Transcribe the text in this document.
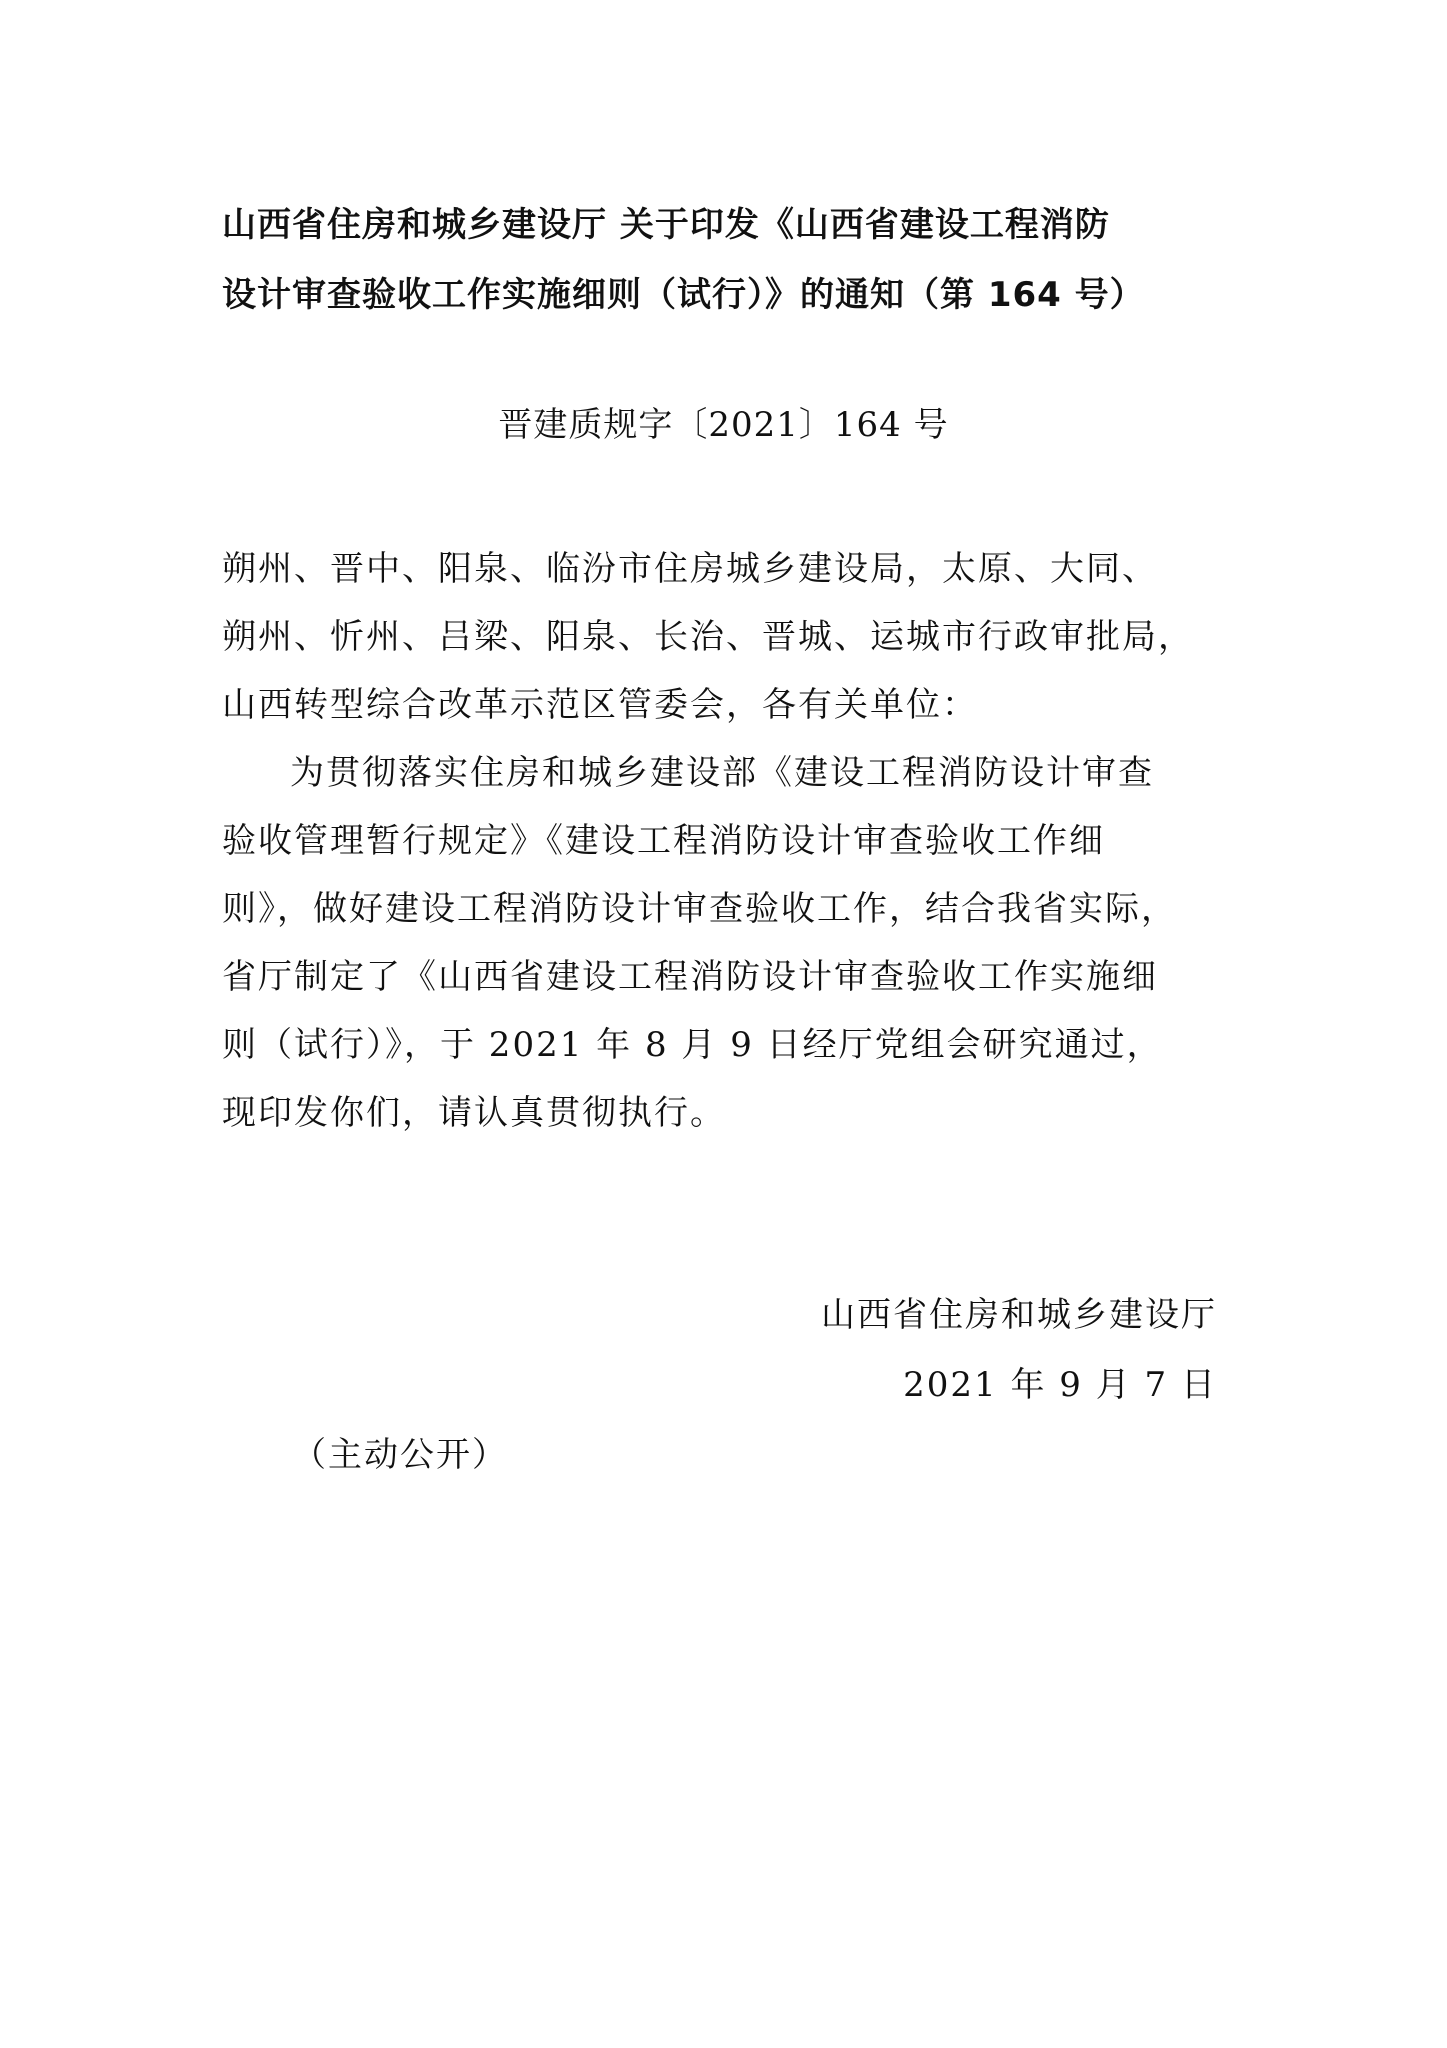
山西省住房和城乡建设厅 关于印发《山西省建设工程消防
设计审查验收工作实施细则（试行）》的通知（第 164 号）
晋建质规字〔2021〕164 号
朔州、晋中、阳泉、临汾市住房城乡建设局，太原、大同、
朔州、忻州、吕梁、阳泉、长治、晋城、运城市行政审批局，
山西转型综合改革示范区管委会，各有关单位：
为贯彻落实住房和城乡建设部《建设工程消防设计审查
验收管理暂行规定》《建设工程消防设计审查验收工作细
则》，做好建设工程消防设计审查验收工作，结合我省实际，
省厅制定了《山西省建设工程消防设计审查验收工作实施细
则（试行）》，于 2021 年 8 月 9 日经厅党组会研究通过，
现印发你们，请认真贯彻执行。
山西省住房和城乡建设厅
2021 年 9 月 7 日
（主动公开）
